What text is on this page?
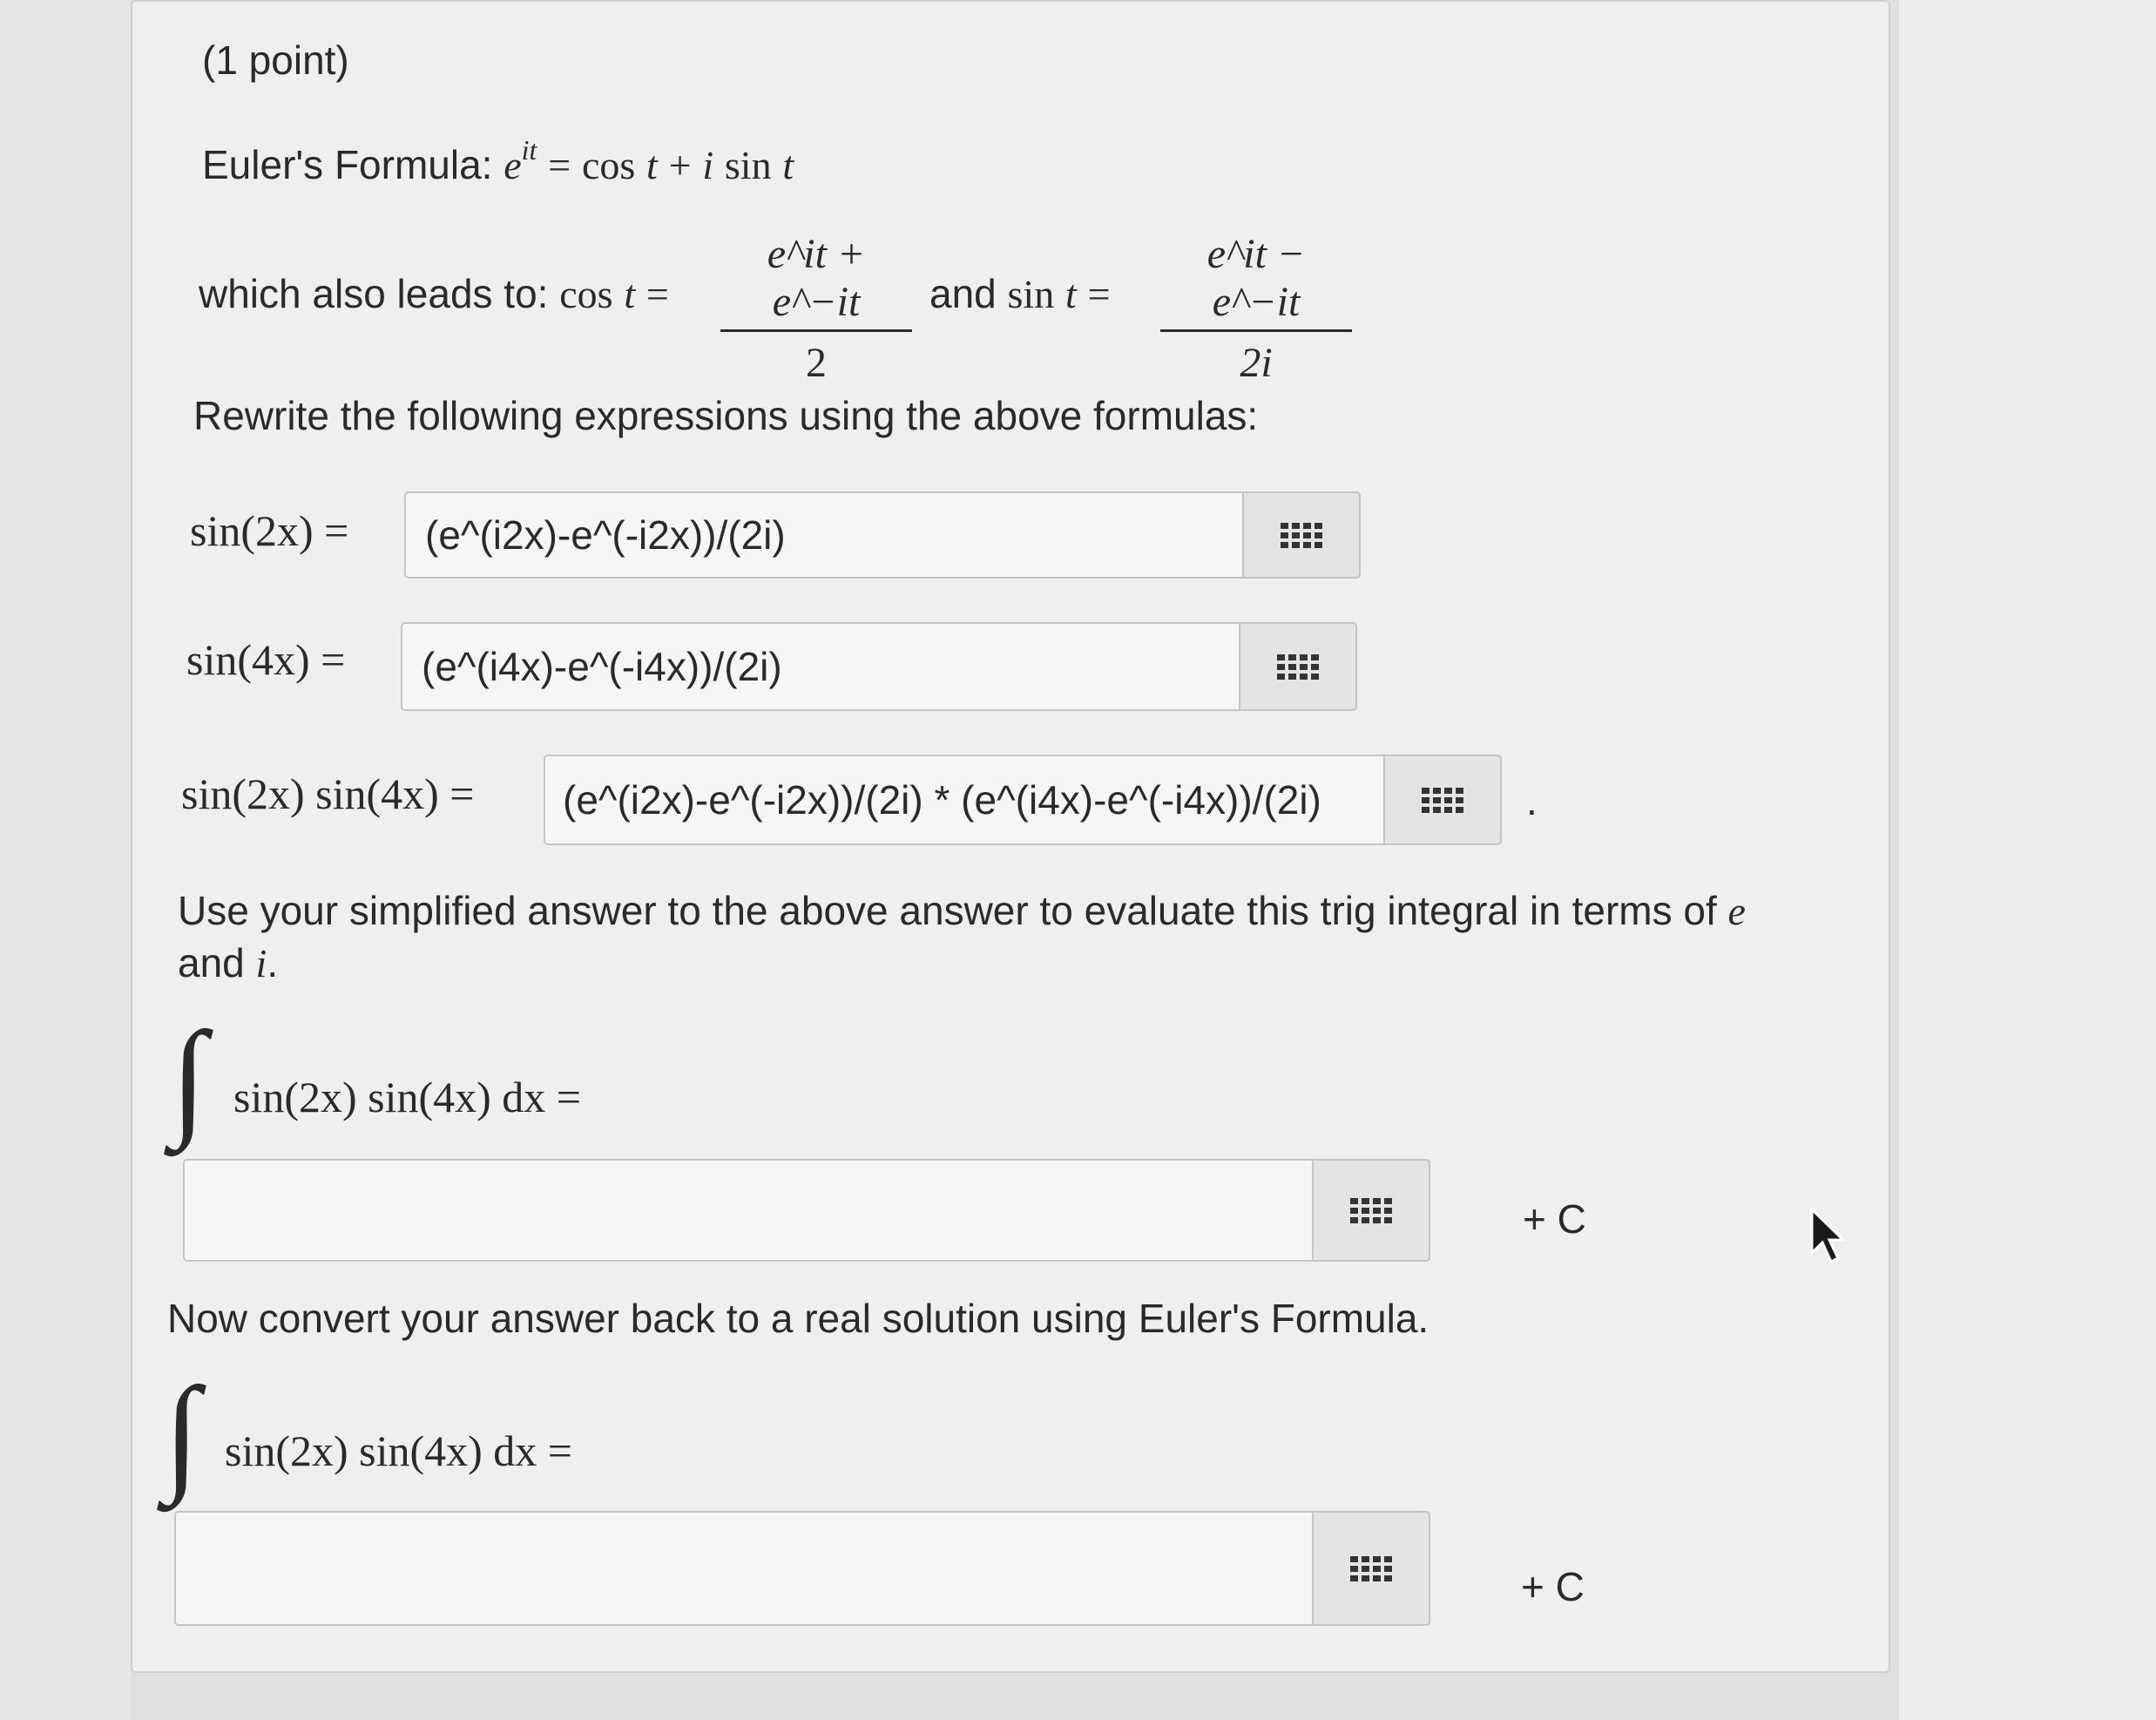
(1 point)
Euler's Formula: $e^{it} = \cos t + i$ sin t
which also leads to: $\cos t = \frac{e\^{}it + e\^{}-it}{2}$ and $\sin t = \frac{e\^{}it - e\^{}-it}{2i}$
Rewrite the following expressions using the above formulas:
sin(2x) = (e^(i2x)-e^(-i2x))/(2i)
sin(4x) = (e^(i4x)-e^(-i4x))/(2i)
sin(2x) sin(4x) = (e^(i2x)-e^(-i2x))/(2i) * (e^(i4x)-e^(-i4x))/(2i)	.
Use your simplified answer to the above answer to evaluate this trig integral in terms of e
and i.
∫ sin(2x) sin(4x) dx =
+ C
Now convert your answer back to a real solution using Euler's Formula.
∫ sin(2x) sin(4x) dx =
+ C
